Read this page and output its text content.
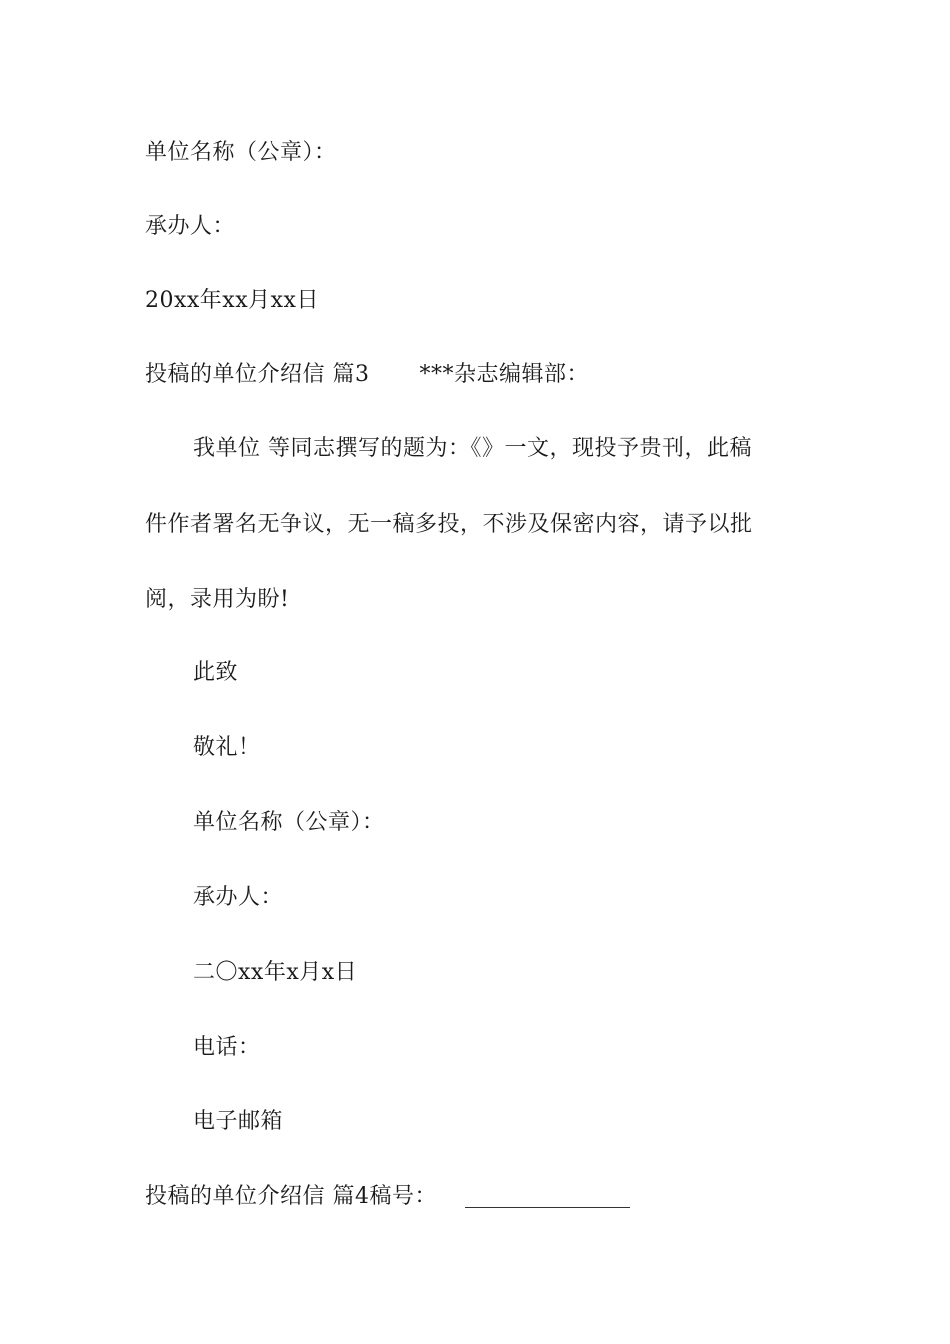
单位名称（公章）：
承办人：
20xx年xx月xx日
投稿的单位介绍信 篇3 ***杂志编辑部：
我单位 等同志撰写的题为：《》一文，现投予贵刊，此稿
件作者署名无争议，无一稿多投，不涉及保密内容，请予以批
阅，录用为盼!
此致
敬礼！
单位名称（公章）：
承办人：
二〇xx年x月x日
电话：
电子邮箱
投稿的单位介绍信 篇4稿号：
